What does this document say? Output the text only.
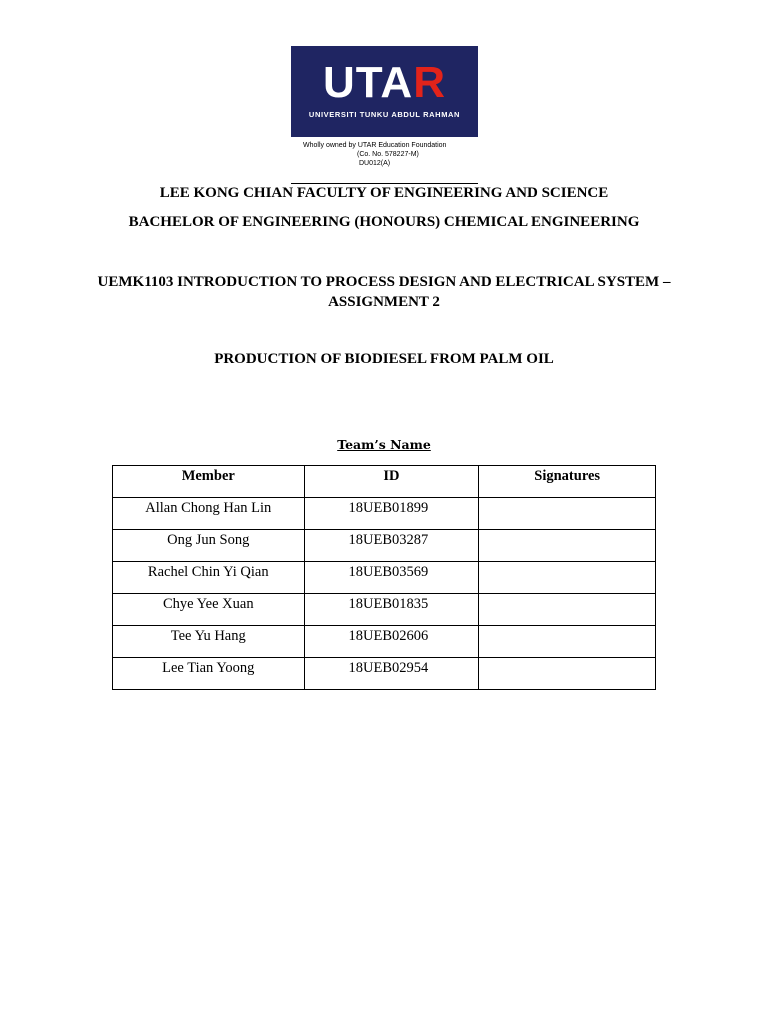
UTAR
UNIVERSITI TUNKU ABDUL RAHMAN
Wholly owned by UTAR Education Foundation
(Co. No. 578227-M)
DU012(A)
LEE KONG CHIAN FACULTY OF ENGINEERING AND SCIENCE
BACHELOR OF ENGINEERING (HONOURS) CHEMICAL ENGINEERING
UEMK1103 INTRODUCTION TO PROCESS DESIGN AND ELECTRICAL SYSTEM –
ASSIGNMENT 2
PRODUCTION OF BIODIESEL FROM PALM OIL
Team’s Name
Member	ID	Signatures
Allan Chong Han Lin	18UEB01899	
Ong Jun Song	18UEB03287	
Rachel Chin Yi Qian	18UEB03569	
Chye Yee Xuan	18UEB01835	
Tee Yu Hang	18UEB02606	
Lee Tian Yoong	18UEB02954	
